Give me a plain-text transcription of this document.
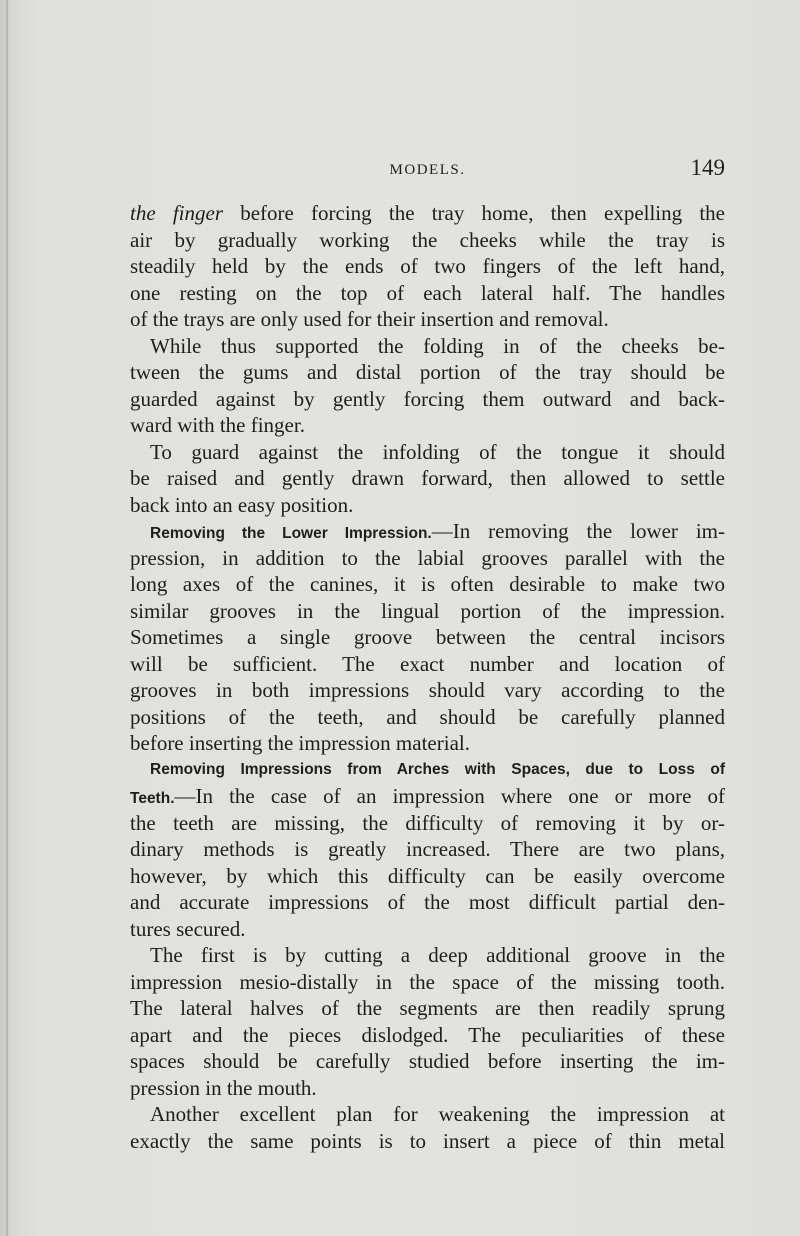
MODELS.	149
the finger before forcing the tray home, then expelling the
air by gradually working the cheeks while the tray is
steadily held by the ends of two fingers of the left hand,
one resting on the top of each lateral half. The handles
of the trays are only used for their insertion and removal.
While thus supported the folding in of the cheeks be-
tween the gums and distal portion of the tray should be
guarded against by gently forcing them outward and back-
ward with the finger.
To guard against the infolding of the tongue it should
be raised and gently drawn forward, then allowed to settle
back into an easy position.
Removing the Lower Impression.—In removing the lower im-
pression, in addition to the labial grooves parallel with the
long axes of the canines, it is often desirable to make two
similar grooves in the lingual portion of the impression.
Sometimes a single groove between the central incisors
will be sufficient. The exact number and location of
grooves in both impressions should vary according to the
positions of the teeth, and should be carefully planned
before inserting the impression material.
Removing Impressions from Arches with Spaces, due to Loss of
Teeth.—In the case of an impression where one or more of
the teeth are missing, the difficulty of removing it by or-
dinary methods is greatly increased. There are two plans,
however, by which this difficulty can be easily overcome
and accurate impressions of the most difficult partial den-
tures secured.
The first is by cutting a deep additional groove in the
impression mesio-distally in the space of the missing tooth.
The lateral halves of the segments are then readily sprung
apart and the pieces dislodged. The peculiarities of these
spaces should be carefully studied before inserting the im-
pression in the mouth.
Another excellent plan for weakening the impression at
exactly the same points is to insert a piece of thin metal
